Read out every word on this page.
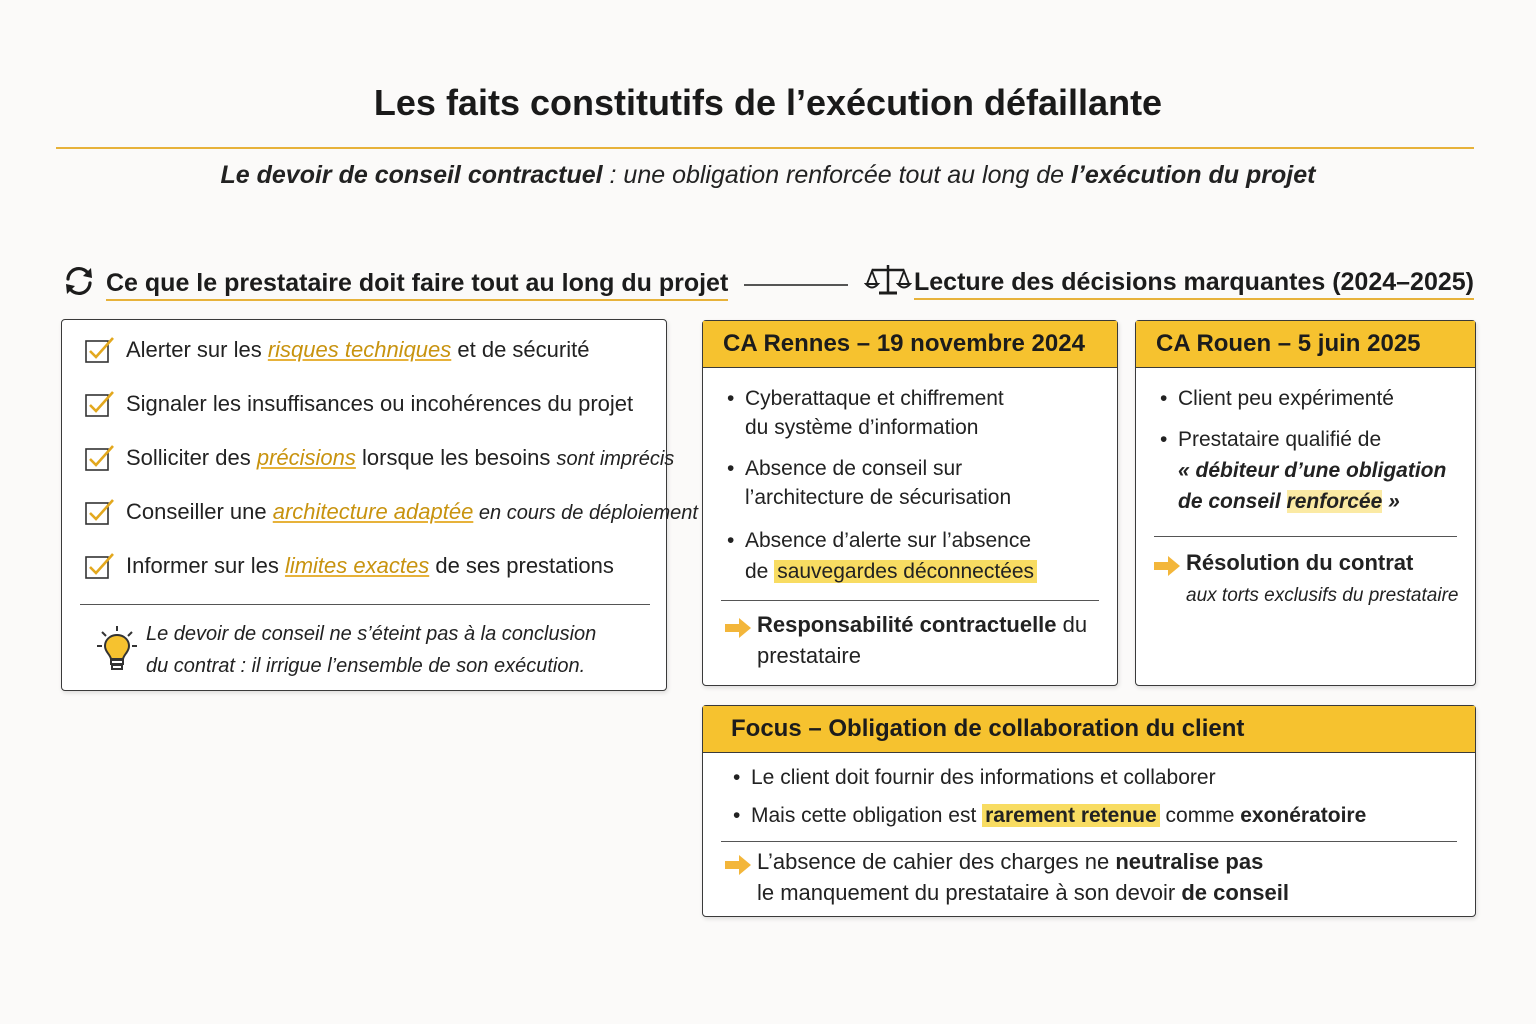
Les faits constitutifs de l’exécution défaillante
Le devoir de conseil contractuel : une obligation renforcée tout au long de l’exécution du projet
Ce que le prestataire doit faire tout au long du projet	Lecture des décisions marquantes (2024–2025)
Alerter sur les risques techniques et de sécurité
Signaler les insuffisances ou incohérences du projet
Solliciter des précisions lorsque les besoins sont imprécis
Conseiller une architecture adaptée en cours de déploiement
Informer sur les limites exactes de ses prestations
Le devoir de conseil ne s’éteint pas à la conclusion
du contrat : il irrigue l’ensemble de son exécution.
CA Rennes – 19 novembre 2024
• Cyberattaque et chiffrement
du système d’information
• Absence de conseil sur
l’architecture de sécurisation
• Absence d’alerte sur l’absence
de sauvegardes déconnectées
Responsabilité contractuelle du
prestataire
CA Rouen – 5 juin 2025
• Client peu expérimenté
• Prestataire qualifié de
« débiteur d’une obligation
de conseil renforcée »
Résolution du contrat
aux torts exclusifs du prestataire
Focus – Obligation de collaboration du client
• Le client doit fournir des informations et collaborer
• Mais cette obligation est rarement retenue comme exonératoire
L’absence de cahier des charges ne neutralise pas
le manquement du prestataire à son devoir de conseil
